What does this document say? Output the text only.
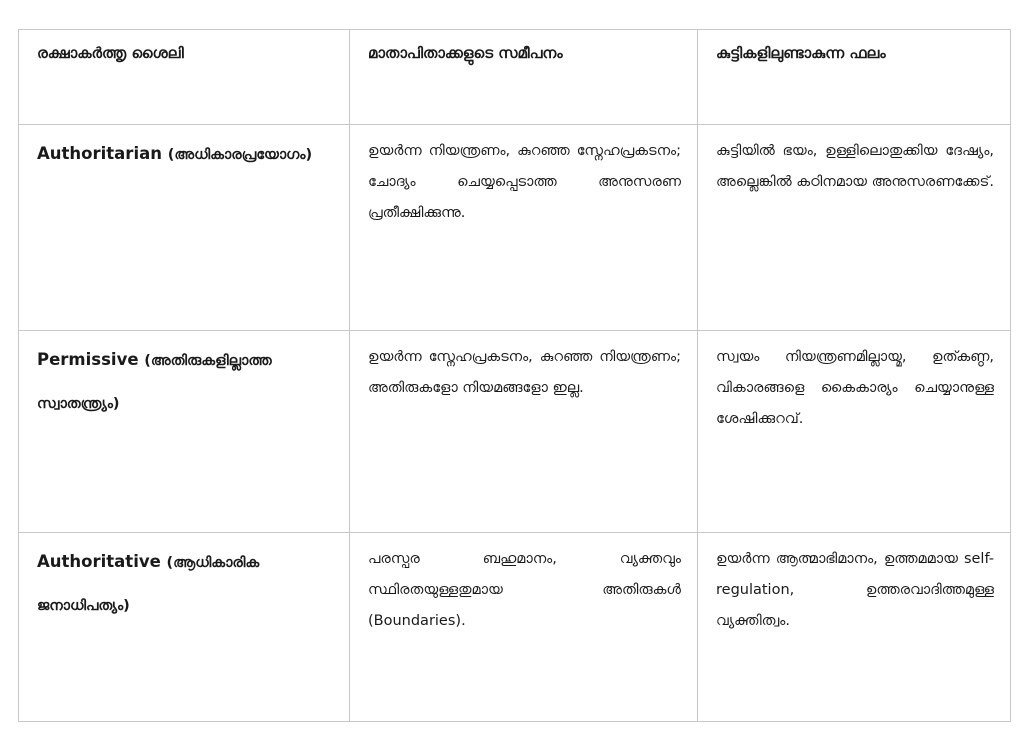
രക്ഷാകർത്തൃ ശൈലി	മാതാപിതാക്കളുടെ സമീപനം	കുട്ടികളിലുണ്ടാകുന്ന ഫലം

Authoritarian (അധികാരപ്രയോഗം)	ഉയർന്ന നിയന്ത്രണം, കുറഞ്ഞ സ്നേഹപ്രകടനം; ചോദ്യം ചെയ്യപ്പെടാത്ത അനുസരണ പ്രതീക്ഷിക്കുന്നു.	കുട്ടിയിൽ ഭയം, ഉള്ളിലൊതുക്കിയ ദേഷ്യം, അല്ലെങ്കിൽ കഠിനമായ അനുസരണക്കേട്.

Permissive (അതിരുകളില്ലാത്ത സ്വാതന്ത്ര്യം)	ഉയർന്ന സ്നേഹപ്രകടനം, കുറഞ്ഞ നിയന്ത്രണം; അതിരുകളോ നിയമങ്ങളോ ഇല്ല.	സ്വയം നിയന്ത്രണമില്ലായ്മ, ഉത്കണ്ഠ, വികാരങ്ങളെ കൈകാര്യം ചെയ്യാനുള്ള ശേഷിക്കുറവ്.

Authoritative (ആധികാരിക ജനാധിപത്യം)	പരസ്പര ബഹുമാനം, വ്യക്തവും സ്ഥിരതയുള്ളതുമായ അതിരുകൾ (Boundaries).	ഉയർന്ന ആത്മാഭിമാനം, ഉത്തമമായ self-regulation, ഉത്തരവാദിത്തമുള്ള വ്യക്തിത്വം.
